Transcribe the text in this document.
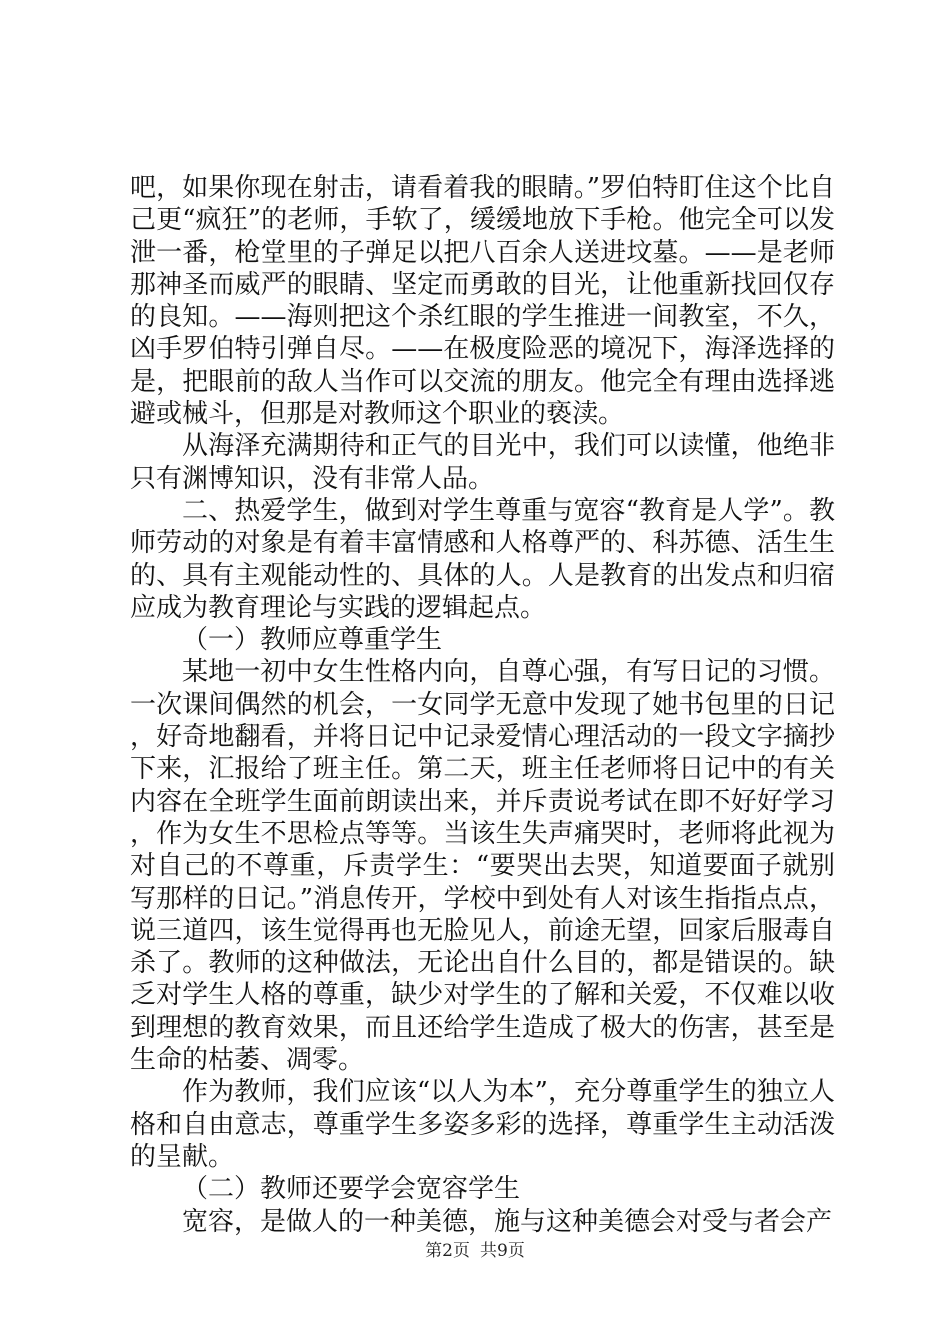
吧，如果你现在射击，请看着我的眼睛。”罗伯特盯住这个比自己更“疯狂”的老师，手软了，缓缓地放下手枪。他完全可以发泄一番，枪堂里的子弹足以把八百余人送进坟墓。——是老师那神圣而威严的眼睛、坚定而勇敢的目光，让他重新找回仅存的良知。——海则把这个杀红眼的学生推进一间教室，不久，凶手罗伯特引弹自尽。——在极度险恶的境况下，海泽选择的是，把眼前的敌人当作可以交流的朋友。他完全有理由选择逃避或械斗，但那是对教师这个职业的亵渎。

从海泽充满期待和正气的目光中，我们可以读懂，他绝非只有渊博知识，没有非常人品。

二、热爱学生，做到对学生尊重与宽容“教育是人学”。教师劳动的对象是有着丰富情感和人格尊严的、科苏德、活生生的、具有主观能动性的、具体的人。人是教育的出发点和归宿应成为教育理论与实践的逻辑起点。

（一）教师应尊重学生

某地一初中女生性格内向，自尊心强，有写日记的习惯。一次课间偶然的机会，一女同学无意中发现了她书包里的日记，好奇地翻看，并将日记中记录爱情心理活动的一段文字摘抄下来，汇报给了班主任。第二天，班主任老师将日记中的有关内容在全班学生面前朗读出来，并斥责说考试在即不好好学习，作为女生不思检点等等。当该生失声痛哭时，老师将此视为对自己的不尊重，斥责学生：“要哭出去哭，知道要面子就别写那样的日记。”消息传开，学校中到处有人对该生指指点点，说三道四，该生觉得再也无脸见人，前途无望，回家后服毒自杀了。教师的这种做法，无论出自什么目的，都是错误的。缺乏对学生人格的尊重，缺少对学生的了解和关爱，不仅难以收到理想的教育效果，而且还给学生造成了极大的伤害，甚至是生命的枯萎、凋零。

作为教师，我们应该“以人为本”，充分尊重学生的独立人格和自由意志，尊重学生多姿多彩的选择，尊重学生主动活泼的呈献。

（二）教师还要学会宽容学生

宽容，是做人的一种美德，施与这种美德会对受与者会产

第2页 共9页
